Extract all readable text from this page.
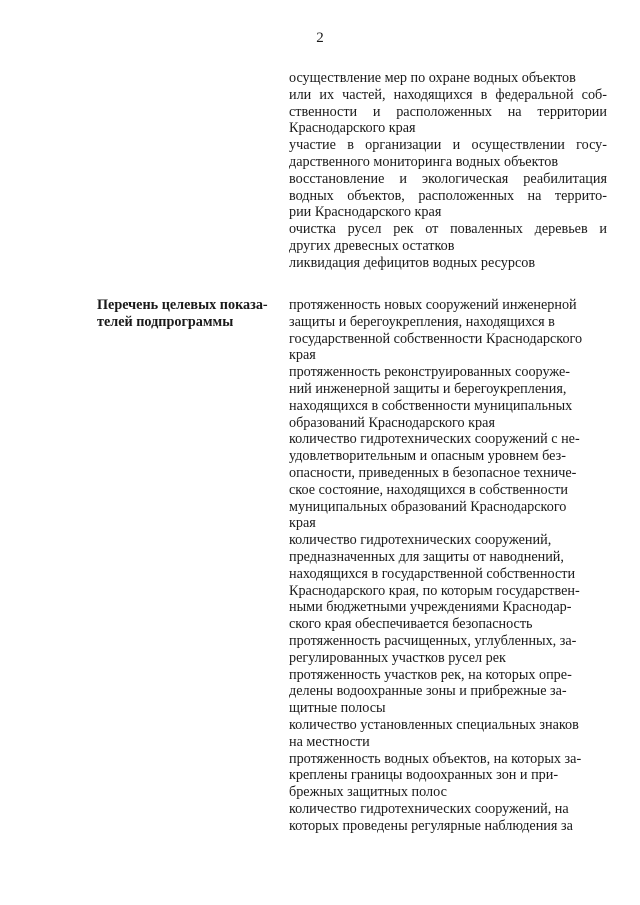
2
осуществление мер по охране водных объектов
или их частей, находящихся в федеральной соб-
ственности и расположенных на территории
Краснодарского края
участие в организации и осуществлении госу-
дарственного мониторинга водных объектов
восстановление и экологическая реабилитация
водных объектов, расположенных на террито-
рии Краснодарского края
очистка русел рек от поваленных деревьев и
других древесных остатков
ликвидация дефицитов водных ресурсов
Перечень целевых показа-
телей подпрограммы
протяженность новых сооружений инженерной
защиты и берегоукрепления, находящихся в
государственной собственности Краснодарского
края
протяженность реконструированных сооруже-
ний инженерной защиты и берегоукрепления,
находящихся в собственности муниципальных
образований Краснодарского края
количество гидротехнических сооружений с не-
удовлетворительным и опасным уровнем без-
опасности, приведенных в безопасное техниче-
ское состояние, находящихся в собственности
муниципальных образований Краснодарского
края
количество гидротехнических сооружений,
предназначенных для защиты от наводнений,
находящихся в государственной собственности
Краснодарского края, по которым государствен-
ными бюджетными учреждениями Краснодар-
ского края обеспечивается безопасность
протяженность расчищенных, углубленных, за-
регулированных участков русел рек
протяженность участков рек, на которых опре-
делены водоохранные зоны и прибрежные за-
щитные полосы
количество установленных специальных знаков
на местности
протяженность водных объектов, на которых за-
креплены границы водоохранных зон и при-
брежных защитных полос
количество гидротехнических сооружений, на
которых проведены регулярные наблюдения за
